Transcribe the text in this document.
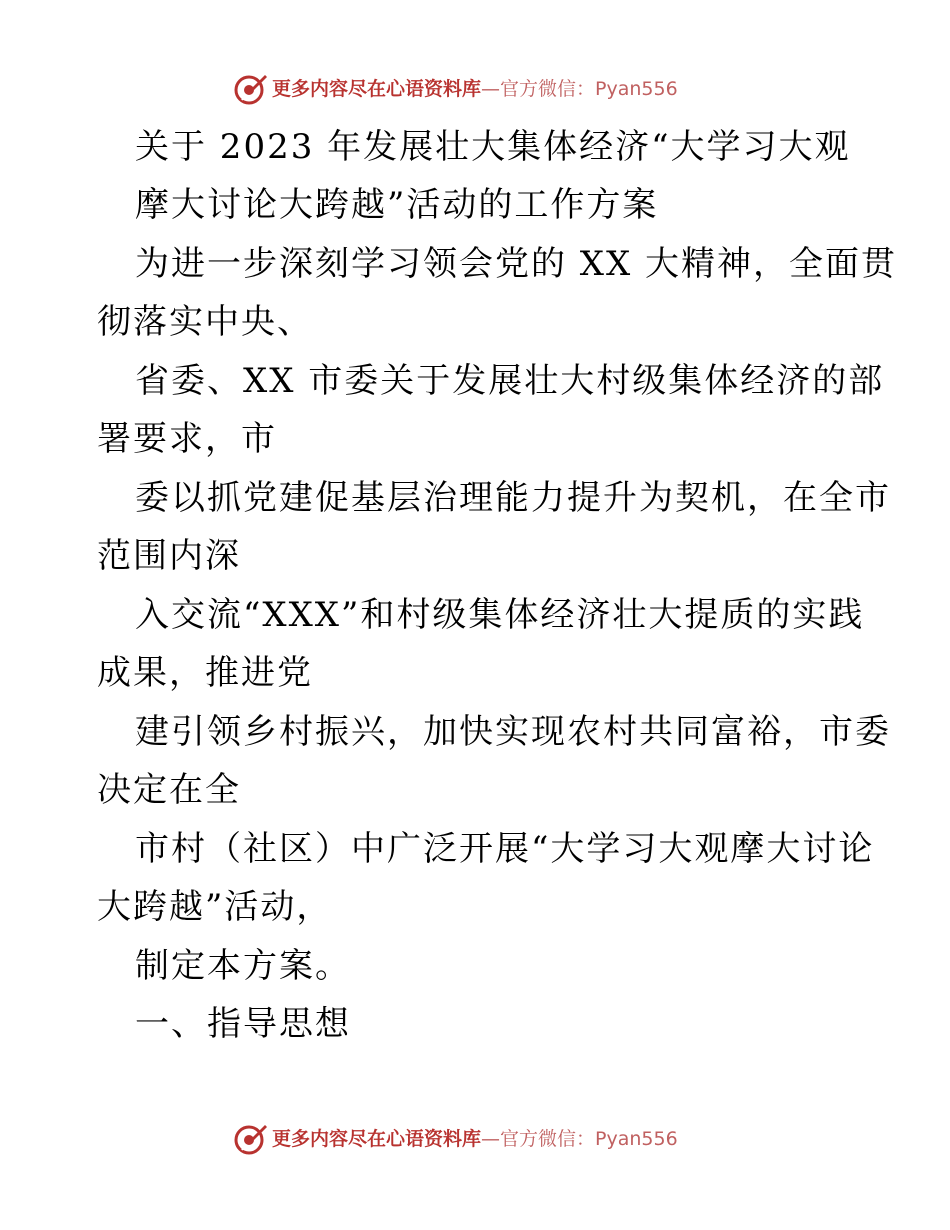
更多内容尽在心语资料库—官方微信：Pyan556
关于 2023 年发展壮大集体经济“大学习大观
摩大讨论大跨越”活动的工作方案
为进一步深刻学习领会党的 XX 大精神，全面贯
彻落实中央、
省委、XX 市委关于发展壮大村级集体经济的部
署要求，市
委以抓党建促基层治理能力提升为契机，在全市
范围内深
入交流“XXX”和村级集体经济壮大提质的实践
成果，推进党
建引领乡村振兴，加快实现农村共同富裕，市委
决定在全
市村（社区）中广泛开展“大学习大观摩大讨论
大跨越”活动，
制定本方案。
一、指导思想
更多内容尽在心语资料库—官方微信：Pyan556
